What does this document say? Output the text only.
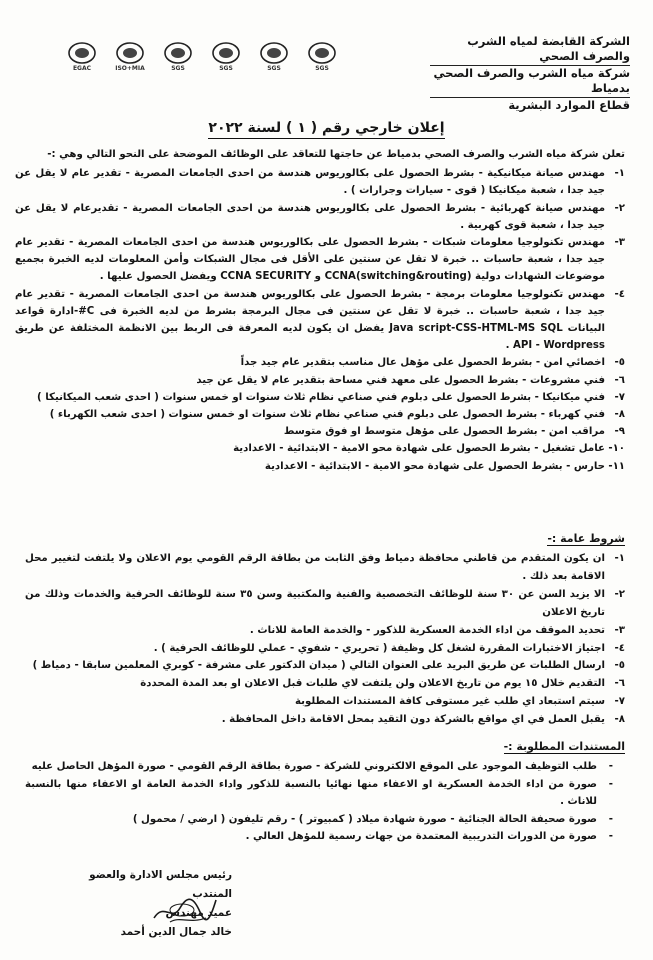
EGAC	ISO+MIA	SGS	SGS	SGS	SGS
الشركة القابضة لمياه الشرب والصرف الصحي
شركة مياه الشرب والصرف الصحي بدمياط
قطاع الموارد البشرية
إعلان خارجي رقم ( ١ ) لسنة ٢٠٢٢
تعلن شركة مياه الشرب والصرف الصحي بدمياط عن حاجتها للتعاقد على الوظائف الموضحة على النحو التالي وهي :-
١-
مهندس صيانة ميكانيكية - بشرط الحصول على بكالوريوس هندسة من احدى الجامعات المصرية - تقدير عام لا يقل عن جيد جدا ، شعبة ميكانيكا ( قوى - سيارات وجرارات ) .
٢-
مهندس صيانة كهربائية - بشرط الحصول على بكالوريوس هندسة من احدى الجامعات المصرية - تقديرعام لا يقل عن جيد جدا ، شعبة قوى كهربية .
٣-
مهندس تكنولوجيا معلومات شبكات - بشرط الحصول على بكالوريوس هندسة من احدى الجامعات المصرية - تقدير عام جيد جدا ، شعبة حاسبات .. خبرة لا تقل عن سنتين على الأقل فى مجال الشبكات وأمن المعلومات لديه الخبرة بجميع موضوعات الشهادات دولية (switching&routing)CCNA و CCNA SECURITY ويفضل الحصول عليها .
٤-
مهندس تكنولوجيا معلومات برمجة - بشرط الحصول على بكالوريوس هندسة من احدى الجامعات المصرية - تقدير عام جيد جدا ، شعبة حاسبات .. خبرة لا تقل عن سنتين فى مجال البرمجة بشرط من لديه الخبرة فى C#-ادارة قواعد البيانات Java script-CSS-HTML-MS SQL يفضل ان يكون لديه المعرفة فى الربط بين الانظمة المختلفة عن طريق API - Wordpress .
٥-
اخصائي امن - بشرط الحصول على مؤهل عال مناسب بتقدير عام جيد جداً
٦-
فني مشروعات - بشرط الحصول على معهد فني مساحة بتقدير عام لا يقل عن جيد
٧-
فني ميكانيكا - بشرط الحصول على دبلوم فني صناعي نظام ثلاث سنوات او خمس سنوات ( احدى شعب الميكانيكا )
٨-
فني كهرباء - بشرط الحصول على دبلوم فني صناعي نظام ثلاث سنوات او خمس سنوات ( احدى شعب الكهرباء )
٩-
مراقب امن - بشرط الحصول على مؤهل متوسط او فوق متوسط
١٠-
عامل تشغيل - بشرط الحصول على شهادة محو الامية - الابتدائية - الاعدادية
١١-
حارس - بشرط الحصول على شهادة محو الامية - الابتدائية - الاعدادية
شروط عامة :-
١-
ان يكون المتقدم من قاطني محافظة دمياط وفق الثابت من بطاقة الرقم القومي يوم الاعلان ولا يلتفت لتغيير محل الاقامة بعد ذلك .
٢-
الا يزيد السن عن ٣٠ سنة للوظائف التخصصية والفنية والمكتبية وسن ٣٥ سنة للوظائف الحرفية والخدمات وذلك من تاريخ الاعلان
٣-
تحديد الموقف من اداء الخدمة العسكرية للذكور - والخدمة العامة للاناث .
٤-
اجتياز الاختبارات المقررة لشغل كل وظيفة ( تحريري - شفوي - عملي للوظائف الحرفية ) .
٥-
ارسال الطلبات عن طريق البريد على العنوان التالي ( ميدان الدكتور على مشرفة - كوبري المعلمين سابقا - دمياط )
٦-
التقديم خلال ١٥ يوم من تاريخ الاعلان ولن يلتفت لاي طلبات قبل الاعلان او بعد المدة المحددة
٧-
سيتم استبعاد اي طلب غير مستوفى كافة المستندات المطلوبة
٨-
يقبل العمل في اي مواقع بالشركة دون التقيد بمحل الاقامة داخل المحافظة .
المستندات المطلوبة :-
-
طلب التوظيف الموجود على الموقع الالكتروني للشركة - صورة بطاقة الرقم القومي - صورة المؤهل الحاصل عليه
-
صورة من اداء الخدمة العسكرية او الاعفاء منها نهائيا بالنسبة للذكور واداء الخدمة العامة او الاعفاء منها بالنسبة للاناث .
-
صورة صحيفة الحالة الجنائية - صورة شهادة ميلاد ( كمبيوتر ) - رقم تليفون ( ارضي / محمول )
-
صورة من الدورات التدريبية المعتمدة من جهات رسمية للمؤهل العالي .
رئيس مجلس الادارة والعضو المنتدب
عميد مهندس
خالد جمال الدين أحمد
